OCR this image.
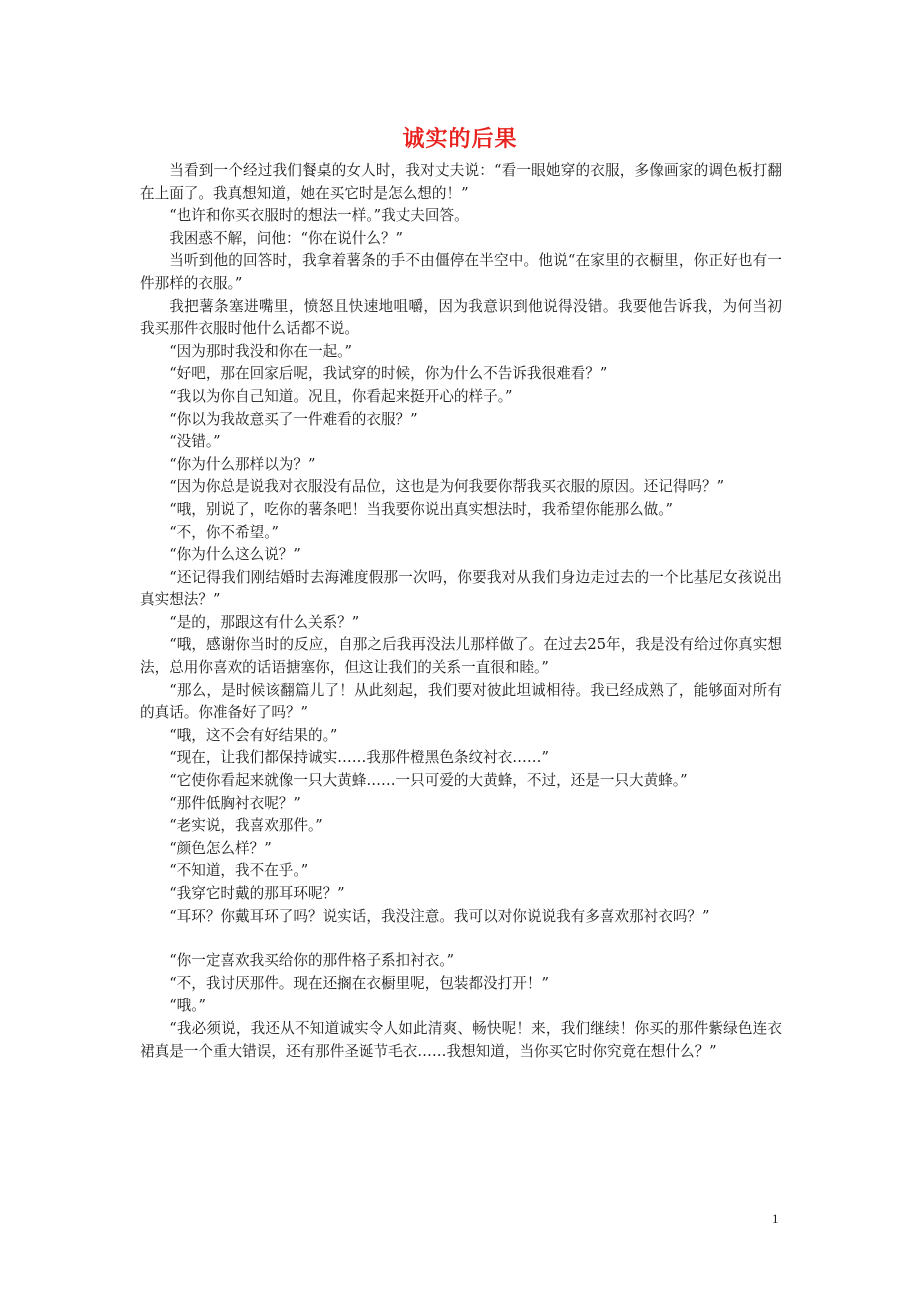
诚实的后果

当看到一个经过我们餐桌的女人时，我对丈夫说：“看一眼她穿的衣服，多像画家的调色板打翻在上面了。我真想知道，她在买它时是怎么想的！”

“也许和你买衣服时的想法一样。”我丈夫回答。

我困惑不解，问他：“你在说什么？”

当听到他的回答时，我拿着薯条的手不由僵停在半空中。他说“在家里的衣橱里，你正好也有一件那样的衣服。”

我把薯条塞进嘴里，愤怒且快速地咀嚼，因为我意识到他说得没错。我要他告诉我，为何当初我买那件衣服时他什么话都不说。

“因为那时我没和你在一起。”

“好吧，那在回家后呢，我试穿的时候，你为什么不告诉我很难看？”

“我以为你自己知道。况且，你看起来挺开心的样子。”

“你以为我故意买了一件难看的衣服？”

“没错。”

“你为什么那样以为？”

“因为你总是说我对衣服没有品位，这也是为何我要你帮我买衣服的原因。还记得吗？”

“哦，别说了，吃你的薯条吧！当我要你说出真实想法时，我希望你能那么做。”

“不，你不希望。”

“你为什么这么说？”

“还记得我们刚结婚时去海滩度假那一次吗，你要我对从我们身边走过去的一个比基尼女孩说出真实想法？”

“是的，那跟这有什么关系？”

“哦，感谢你当时的反应，自那之后我再没法儿那样做了。在过去25年，我是没有给过你真实想法，总用你喜欢的话语搪塞你，但这让我们的关系一直很和睦。”

“那么，是时候该翻篇儿了！从此刻起，我们要对彼此坦诚相待。我已经成熟了，能够面对所有的真话。你准备好了吗？”

“哦，这不会有好结果的。”

“现在，让我们都保持诚实……我那件橙黑色条纹衬衣……”

“它使你看起来就像一只大黄蜂……一只可爱的大黄蜂，不过，还是一只大黄蜂。”

“那件低胸衬衣呢？”

“老实说，我喜欢那件。”

“颜色怎么样？”

“不知道，我不在乎。”

“我穿它时戴的那耳环呢？”

“耳环？你戴耳环了吗？说实话，我没注意。我可以对你说说我有多喜欢那衬衣吗？”

“你一定喜欢我买给你的那件格子系扣衬衣。”

“不，我讨厌那件。现在还搁在衣橱里呢，包装都没打开！”

“哦。”

“我必须说，我还从不知道诚实令人如此清爽、畅快呢！来，我们继续！你买的那件紫绿色连衣裙真是一个重大错误，还有那件圣诞节毛衣……我想知道，当你买它时你究竟在想什么？”

1
